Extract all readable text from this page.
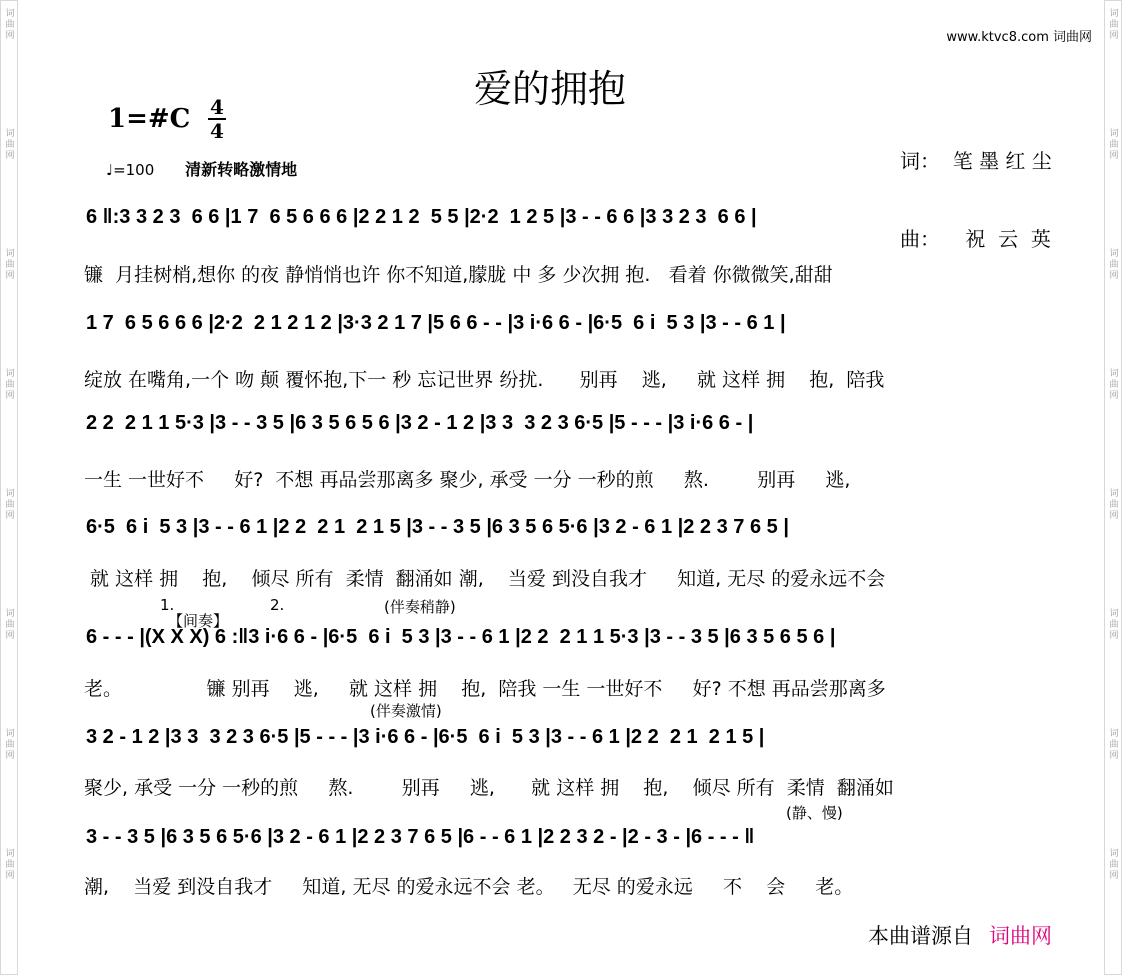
词
曲
网
词
曲
网
词
曲
网
词
曲
网
词
曲
网
词
曲
网
词
曲
网
词
曲
网
词
曲
网
词
曲
网
词
曲
网
词
曲
网
词
曲
网
词
曲
网
词
曲
网
词
曲
网
www.ktvc8.com 词曲网
爱的拥抱
1=#C 4
4

词：  笔 墨 红 尘

曲：    祝  云  英

♩=100 清新转略激情地
6 ‖:3 3 2 3  6 6 |1 7  6 5 6 6 6 |2 2 1 2  5 5 |2·2  1 2 5 |3 - - 6 6 |3 3 2 3  6 6 |
镰  月挂树梢,想你 的夜 静悄悄也许 你不知道,朦胧 中 多 少次拥 抱.   看着 你微微笑,甜甜
1 7  6 5 6 6 6 |2·2  2 1 2 1 2 |3·3 2 1 7 |5 6 6 - - |3 i·6 6 - |6·5  6 i  5 3 |3 - - 6 1 |
绽放 在嘴角,一个 吻 颠 覆怀抱,下一 秒 忘记世界 纷扰.      别再    逃,     就 这样 拥    抱,  陪我
2 2  2 1 1 5·3 |3 - - 3 5 |6 3 5 6 5 6 |3 2 - 1 2 |3 3  3 2 3 6·5 |5 - - - |3 i·6 6 - |
一生 一世好不     好?  不想 再品尝那离多 聚少, 承受 一分 一秒的煎     熬.        别再     逃,
6·5  6 i  5 3 |3 - - 6 1 |2 2  2 1  2 1 5 |3 - - 3 5 |6 3 5 6 5·6 |3 2 - 6 1 |2 2 3 7 6 5 |
就 这样 拥    抱,    倾尽 所有  柔情  翻涌如 潮,    当爱 到没自我才     知道, 无尽 的爱永远不会
1.
【间奏】
2.	(伴奏稍静)
6 - - - |(X X X) 6 :‖3 i·6 6 - |6·5  6 i  5 3 |3 - - 6 1 |2 2  2 1 1 5·3 |3 - - 3 5 |6 3 5 6 5 6 |
老。              镰 别再    逃,     就 这样 拥    抱,  陪我 一生 一世好不     好? 不想 再品尝那离多
(伴奏激情)
3 2 - 1 2 |3 3  3 2 3 6·5 |5 - - - |3 i·6 6 - |6·5  6 i  5 3 |3 - - 6 1 |2 2  2 1  2 1 5 |
聚少, 承受 一分 一秒的煎     熬.        别再     逃,      就 这样 拥    抱,    倾尽 所有  柔情  翻涌如
(静、慢)
3 - - 3 5 |6 3 5 6 5·6 |3 2 - 6 1 |2 2 3 7 6 5 |6 - - 6 1 |2 2 3 2 - |2 - 3 - |6 - - - ‖
潮,    当爱 到没自我才     知道, 无尽 的爱永远不会 老。   无尽 的爱永远     不    会     老。
本曲谱源自 词曲网
